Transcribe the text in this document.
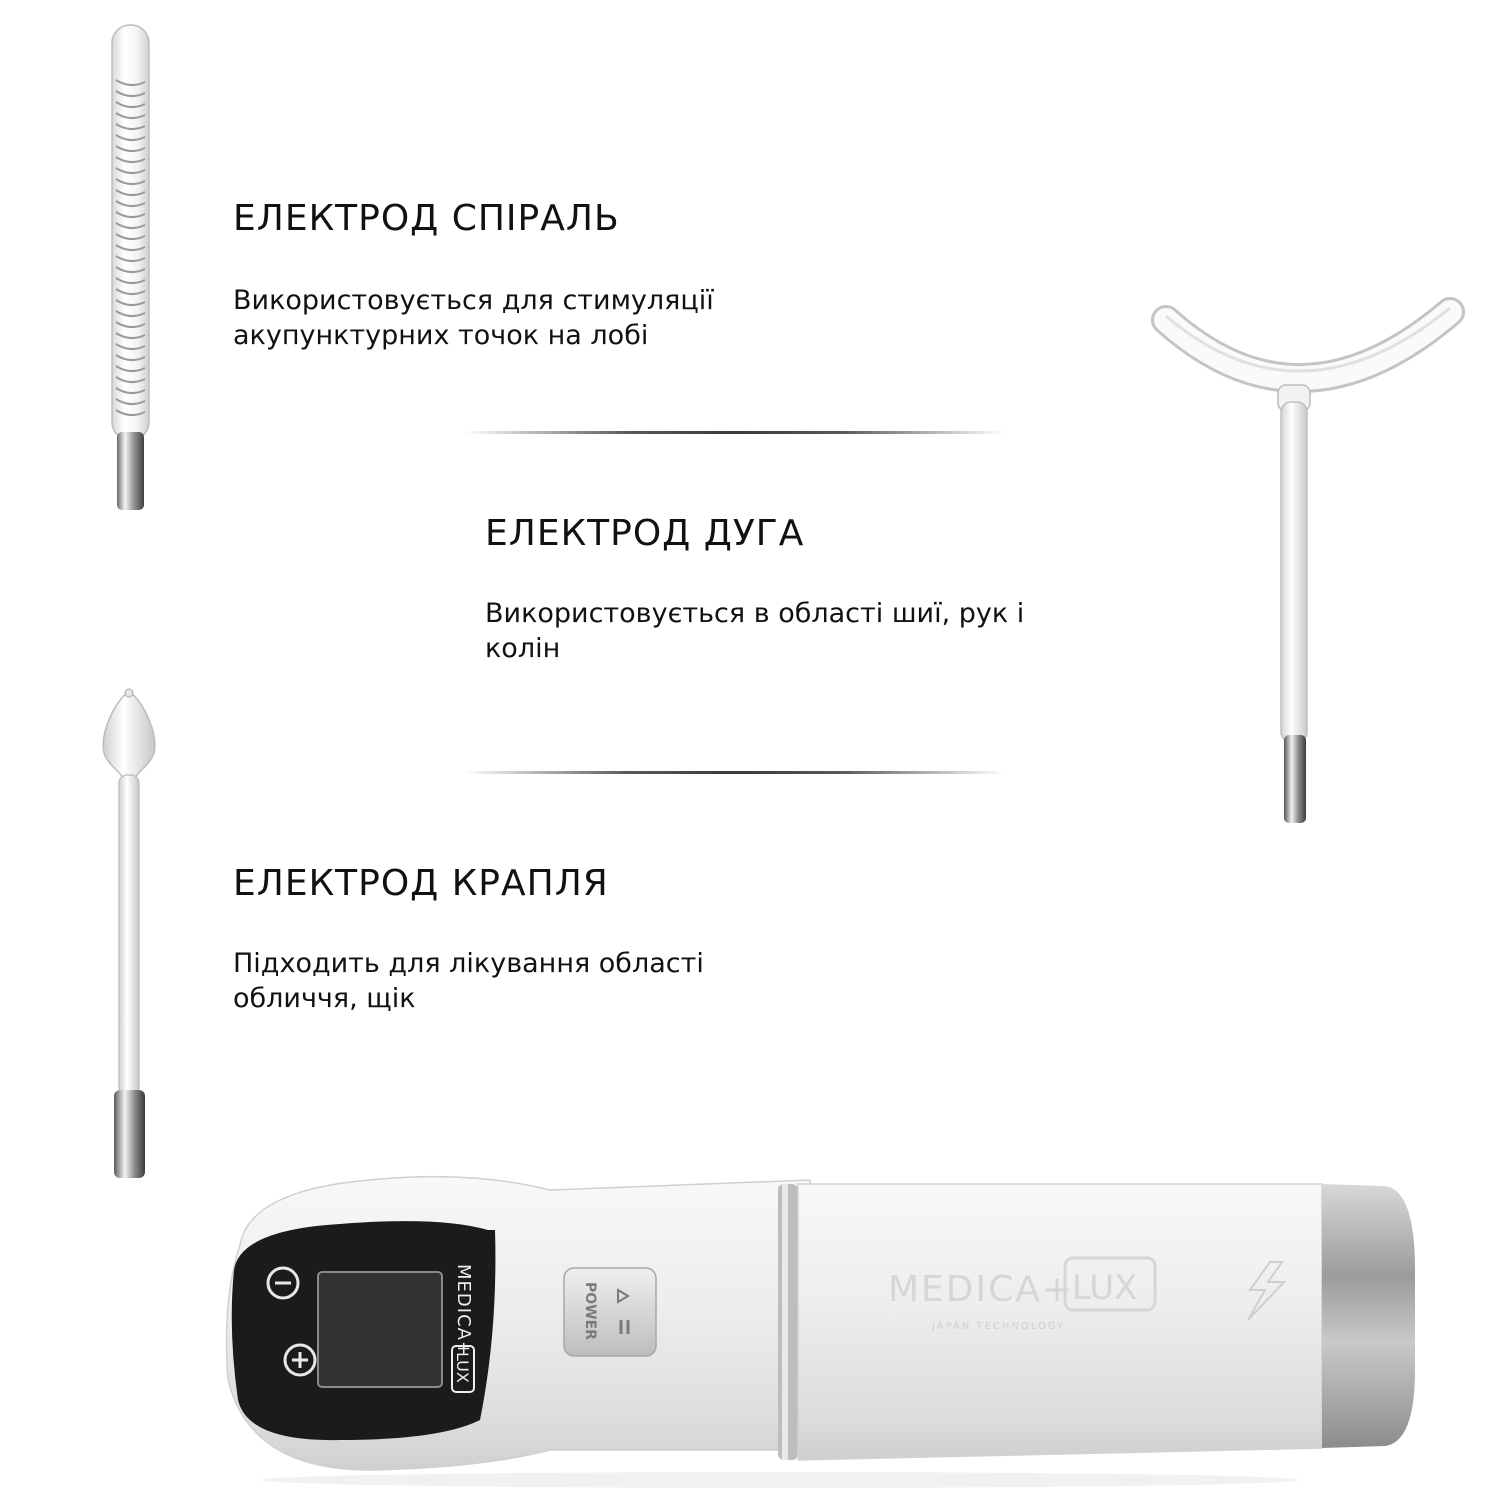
ЕЛЕКТРОД СПІРАЛЬ

Використовується для стимуляції
акупунктурних точок на лобі

ЕЛЕКТРОД ДУГА

Використовується в області шиї, рук і
колін

ЕЛЕКТРОД КРАПЛЯ

Підходить для лікування області
обличчя, щік

MEDICA+
LUX
POWER	MEDICA+
LUX
JAPAN TECHNOLOGY
